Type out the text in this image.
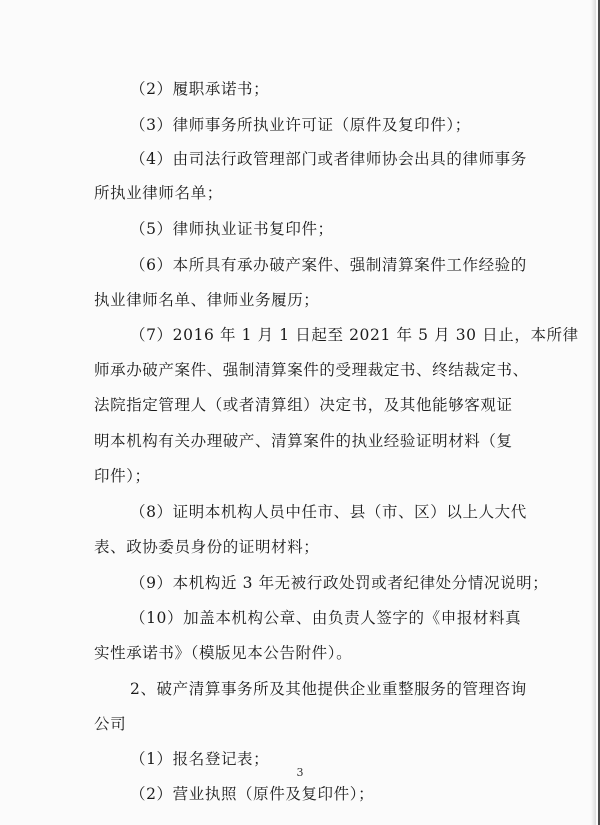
（2）履职承诺书；
（3）律师事务所执业许可证（原件及复印件）；
（4）由司法行政管理部门或者律师协会出具的律师事务
所执业律师名单；
（5）律师执业证书复印件；
（6）本所具有承办破产案件、强制清算案件工作经验的
执业律师名单、律师业务履历；
（7）2016 年 1 月 1 日起至 2021 年 5 月 30 日止，本所律
师承办破产案件、强制清算案件的受理裁定书、终结裁定书、
法院指定管理人（或者清算组）决定书，及其他能够客观证
明本机构有关办理破产、清算案件的执业经验证明材料（复
印件）；
（8）证明本机构人员中任市、县（市、区）以上人大代
表、政协委员身份的证明材料；
（9）本机构近 3 年无被行政处罚或者纪律处分情况说明；
（10）加盖本机构公章、由负责人签字的《申报材料真
实性承诺书》（模版见本公告附件）。
2、破产清算事务所及其他提供企业重整服务的管理咨询
公司
（1）报名登记表；
（2）营业执照（原件及复印件）；
3
